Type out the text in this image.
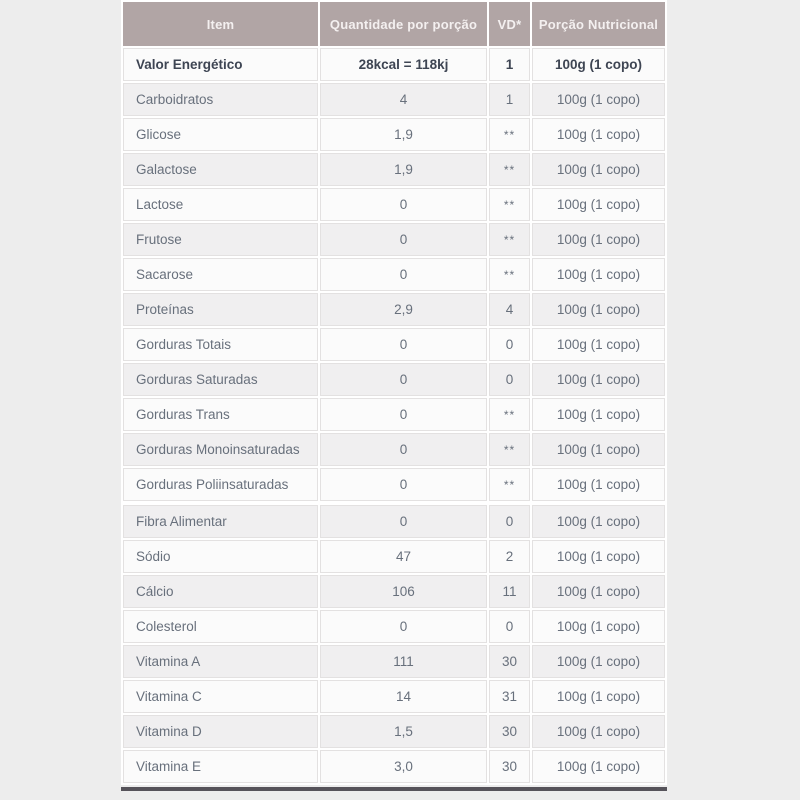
Item	Quantidade por porção	VD*	Porção Nutricional
Valor Energético	28kcal = 118kj	1	100g (1 copo)
Carboidratos	4	1	100g (1 copo)
Glicose	1,9	**	100g (1 copo)
Galactose	1,9	**	100g (1 copo)
Lactose	0	**	100g (1 copo)
Frutose	0	**	100g (1 copo)
Sacarose	0	**	100g (1 copo)
Proteínas	2,9	4	100g (1 copo)
Gorduras Totais	0	0	100g (1 copo)
Gorduras Saturadas	0	0	100g (1 copo)
Gorduras Trans	0	**	100g (1 copo)
Gorduras Monoinsaturadas	0	**	100g (1 copo)
Gorduras Poliinsaturadas	0	**	100g (1 copo)
Fibra Alimentar	0	0	100g (1 copo)
Sódio	47	2	100g (1 copo)
Cálcio	106	11	100g (1 copo)
Colesterol	0	0	100g (1 copo)
Vitamina A	111	30	100g (1 copo)
Vitamina C	14	31	100g (1 copo)
Vitamina D	1,5	30	100g (1 copo)
Vitamina E	3,0	30	100g (1 copo)
